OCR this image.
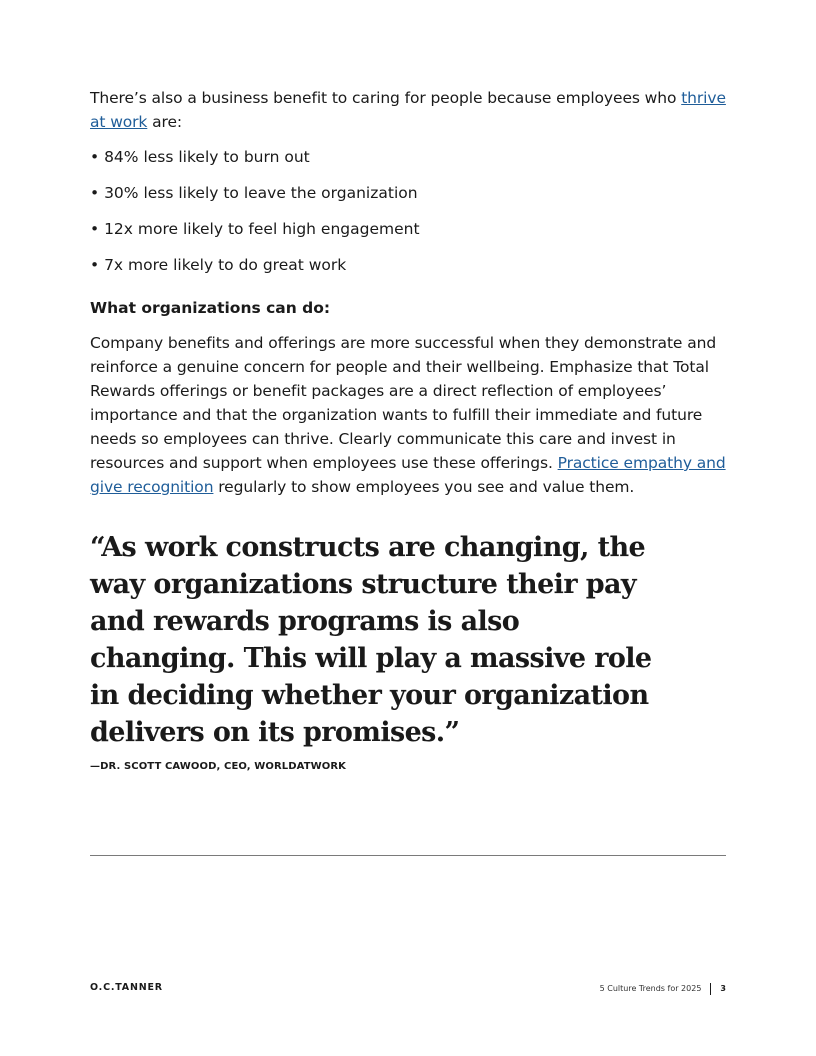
There’s also a business benefit to caring for people because employees who thrive at work are:

• 84% less likely to burn out
• 30% less likely to leave the organization
• 12x more likely to feel high engagement
• 7x more likely to do great work

What organizations can do:

Company benefits and offerings are more successful when they demonstrate and reinforce a genuine concern for people and their wellbeing. Emphasize that Total Rewards offerings or benefit packages are a direct reflection of employees’ importance and that the organization wants to fulfill their immediate and future needs so employees can thrive. Clearly communicate this care and invest in resources and support when employees use these offerings. Practice empathy and give recognition regularly to show employees you see and value them.

“As work constructs are changing, the way organizations structure their pay and rewards programs is also changing. This will play a massive role in deciding whether your organization delivers on its promises.”

—DR. SCOTT CAWOOD, CEO, WORLDATWORK

O.C.TANNER	5 Culture Trends for 2025 3
